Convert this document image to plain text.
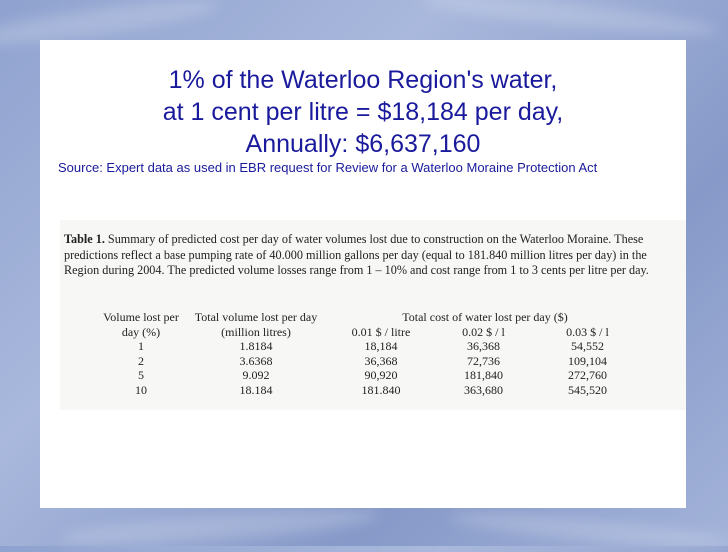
1% of the Waterloo Region's water,
at 1 cent per litre = $18,184 per day,
Annually: $6,637,160
Source: Expert data as used in EBR request for Review for a Waterloo Moraine Protection Act
Table 1. Summary of predicted cost per day of water volumes lost due to construction on the Waterloo Moraine. These predictions reflect a base pumping rate of 40.000 million gallons per day (equal to 181.840 million litres per day) in the Region during 2004. The predicted volume losses range from 1 – 10% and cost range from 1 to 3 cents per litre per day.
Volume lost per	Total volume lost per day	Total cost of water lost per day ($)		
day (%)	(million litres)	0.01 $ / litre	0.02 $ / l	0.03 $ / l
1	1.8184	18,184	36,368	54,552
2	3.6368	36,368	72,736	109,104
5	9.092	90,920	181,840	272,760
10	18.184	181.840	363,680	545,520
